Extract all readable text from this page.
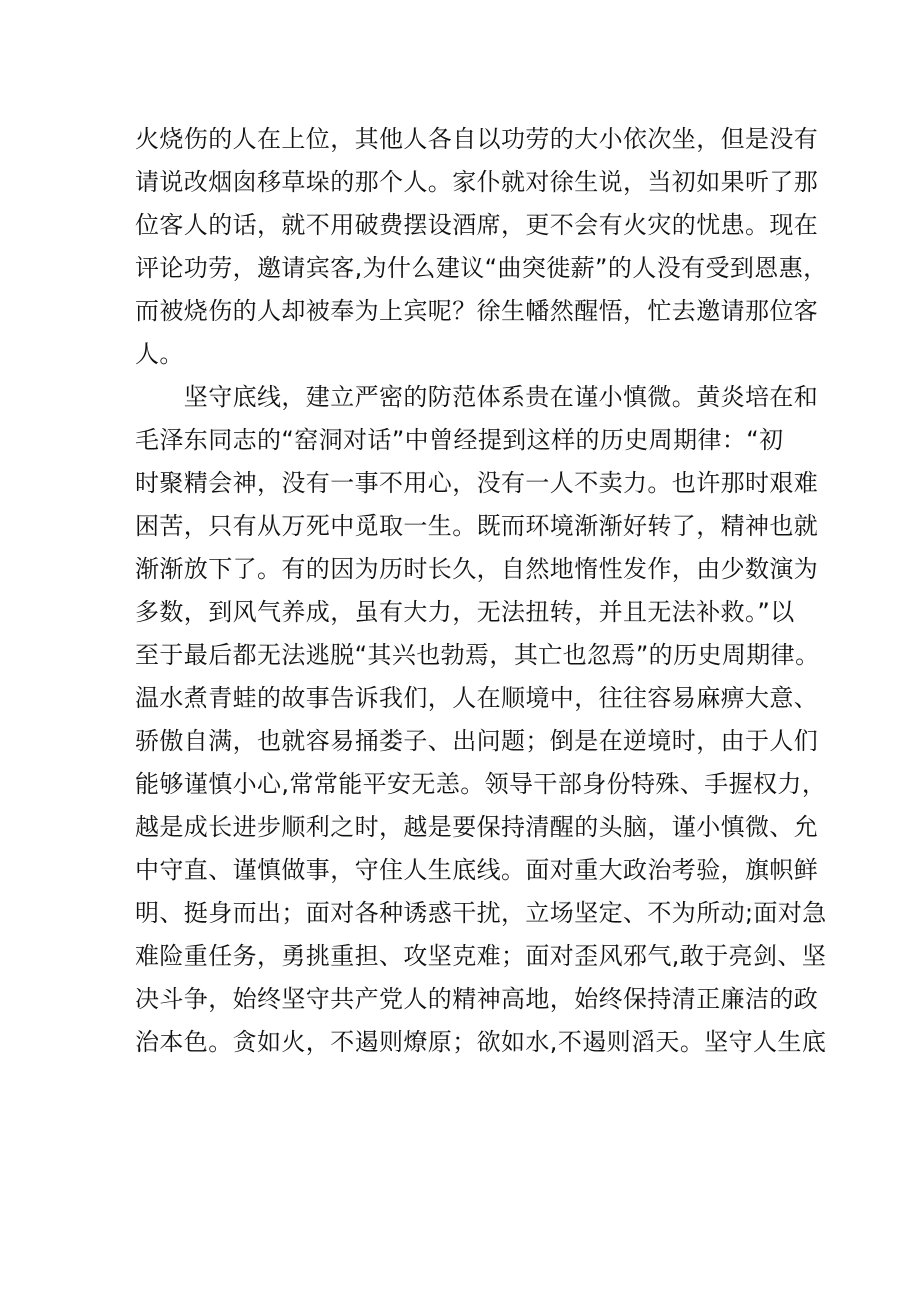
火烧伤的人在上位，其他人各自以功劳的大小依次坐，但是没有
请说改烟囱移草垛的那个人。家仆就对徐生说，当初如果听了那
位客人的话，就不用破费摆设酒席，更不会有火灾的忧患。现在
评论功劳，邀请宾客,为什么建议“曲突徙薪”的人没有受到恩惠，
而被烧伤的人却被奉为上宾呢？徐生幡然醒悟，忙去邀请那位客
人。
　　坚守底线，建立严密的防范体系贵在谨小慎微。黄炎培在和
毛泽东同志的“窑洞对话”中曾经提到这样的历史周期律：“初
时聚精会神，没有一事不用心，没有一人不卖力。也许那时艰难
困苦，只有从万死中觅取一生。既而环境渐渐好转了，精神也就
渐渐放下了。有的因为历时长久，自然地惰性发作，由少数演为
多数，到风气养成，虽有大力，无法扭转，并且无法补救。”以
至于最后都无法逃脱“其兴也勃焉，其亡也忽焉”的历史周期律。
温水煮青蛙的故事告诉我们，人在顺境中，往往容易麻痹大意、
骄傲自满，也就容易捅娄子、出问题；倒是在逆境时，由于人们
能够谨慎小心,常常能平安无恙。领导干部身份特殊、手握权力，
越是成长进步顺利之时，越是要保持清醒的头脑，谨小慎微、允
中守直、谨慎做事，守住人生底线。面对重大政治考验，旗帜鲜
明、挺身而出；面对各种诱惑干扰，立场坚定、不为所动;面对急
难险重任务，勇挑重担、攻坚克难；面对歪风邪气,敢于亮剑、坚
决斗争，始终坚守共产党人的精神高地，始终保持清正廉洁的政
治本色。贪如火，不遏则燎原；欲如水,不遏则滔天。坚守人生底
